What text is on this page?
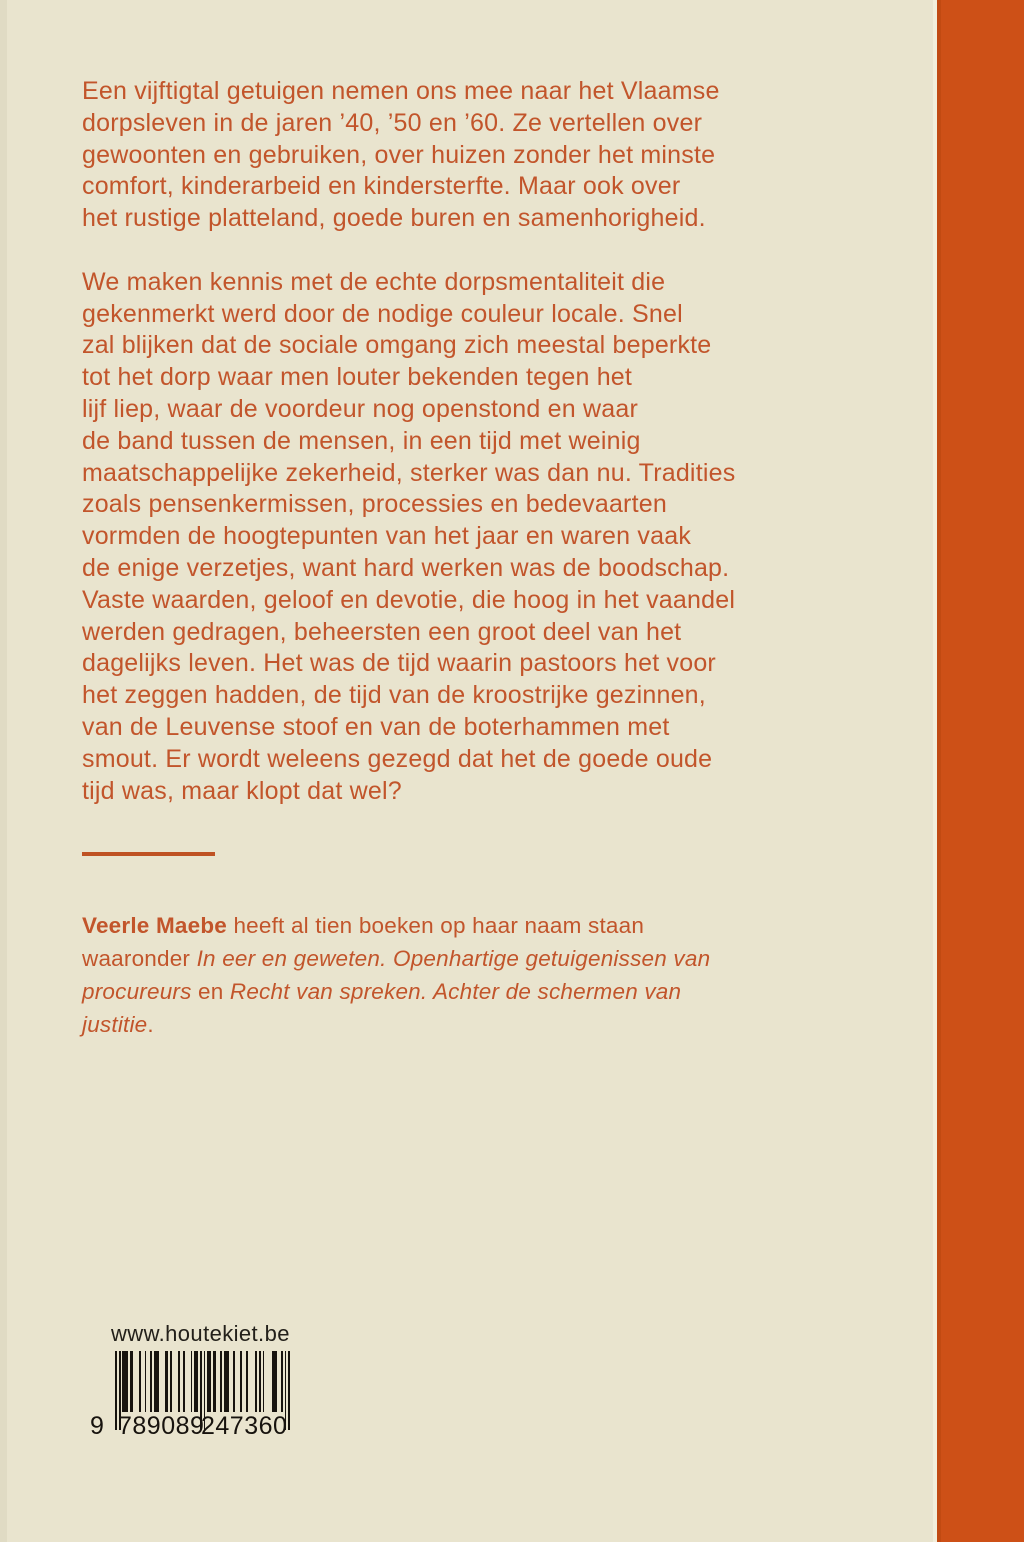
Een vijftigtal getuigen nemen ons mee naar het Vlaamse
dorpsleven in de jaren ’40, ’50 en ’60. Ze vertellen over
gewoonten en gebruiken, over huizen zonder het minste
comfort, kinderarbeid en kindersterfte. Maar ook over
het rustige platteland, goede buren en samenhorigheid.

We maken kennis met de echte dorpsmentaliteit die
gekenmerkt werd door de nodige couleur locale. Snel
zal blijken dat de sociale omgang zich meestal beperkte
tot het dorp waar men louter bekenden tegen het
lijf liep, waar de voordeur nog openstond en waar
de band tussen de mensen, in een tijd met weinig
maatschappelijke zekerheid, sterker was dan nu. Tradities
zoals pensenkermissen, processies en bedevaarten
vormden de hoogtepunten van het jaar en waren vaak
de enige verzetjes, want hard werken was de boodschap.
Vaste waarden, geloof en devotie, die hoog in het vaandel
werden gedragen, beheersten een groot deel van het
dagelijks leven. Het was de tijd waarin pastoors het voor
het zeggen hadden, de tijd van de kroostrijke gezinnen,
van de Leuvense stoof en van de boterhammen met
smout. Er wordt weleens gezegd dat het de goede oude
tijd was, maar klopt dat wel?

Veerle Maebe heeft al tien boeken op haar naam staan
waaronder In eer en geweten. Openhartige getuigenissen van
procureurs en Recht van spreken. Achter de schermen van
justitie.

www.houtekiet.be
9 789089
247360
